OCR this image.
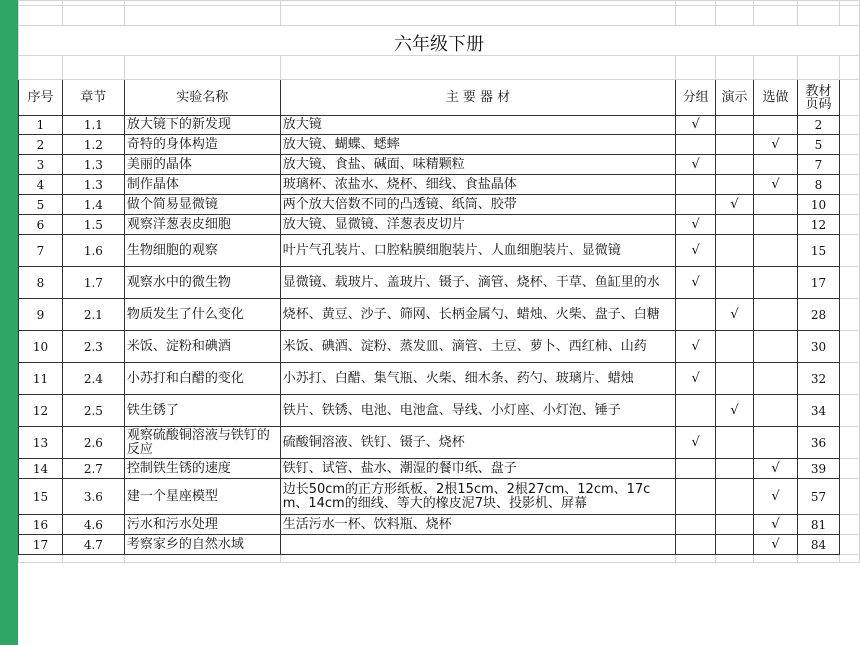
六年级下册								

序号	章节	实验名称	主 要 器 材	分组	演示	选做	教材页码	
1	1.1	放大镜下的新发现	放大镜	√			2	
2	1.2	奇特的身体构造	放大镜、蝴蝶、蟋蟀			√	5	
3	1.3	美丽的晶体	放大镜、食盐、碱面、味精颗粒	√			7	
4	1.3	制作晶体	玻璃杯、浓盐水、烧杯、细线、食盐晶体			√	8	
5	1.4	做个简易显微镜	两个放大倍数不同的凸透镜、纸筒、胶带		√		10	
6	1.5	观察洋葱表皮细胞	放大镜、显微镜、洋葱表皮切片	√			12	
7	1.6	生物细胞的观察	叶片气孔装片、口腔粘膜细胞装片、人血细胞装片、显微镜	√			15	
8	1.7	观察水中的微生物	显微镜、载玻片、盖玻片、镊子、滴管、烧杯、干草、鱼缸里的水	√			17	
9	2.1	物质发生了什么变化	烧杯、黄豆、沙子、筛网、长柄金属勺、蜡烛、火柴、盘子、白糖		√		28	
10	2.3	米饭、淀粉和碘酒	米饭、碘酒、淀粉、蒸发皿、滴管、土豆、萝卜、西红柿、山药	√			30	
11	2.4	小苏打和白醋的变化	小苏打、白醋、集气瓶、火柴、细木条、药勺、玻璃片、蜡烛	√			32	
12	2.5	铁生锈了	铁片、铁锈、电池、电池盒、导线、小灯座、小灯泡、锤子		√		34	
13	2.6	观察硫酸铜溶液与铁钉的反应	硫酸铜溶液、铁钉、镊子、烧杯	√			36	
14	2.7	控制铁生锈的速度	铁钉、试管、盐水、潮湿的餐巾纸、盘子			√	39	
15	3.6	建一个星座模型	边长50cm的正方形纸板、2根15cm、2根27cm、12cm、17cm、14cm的细线、等大的橡皮泥7块、投影机、屏幕			√	57	
16	4.6	污水和污水处理	生活污水一杯、饮料瓶、烧杯			√	81	
17	4.7	考察家乡的自然水域				√	84	
